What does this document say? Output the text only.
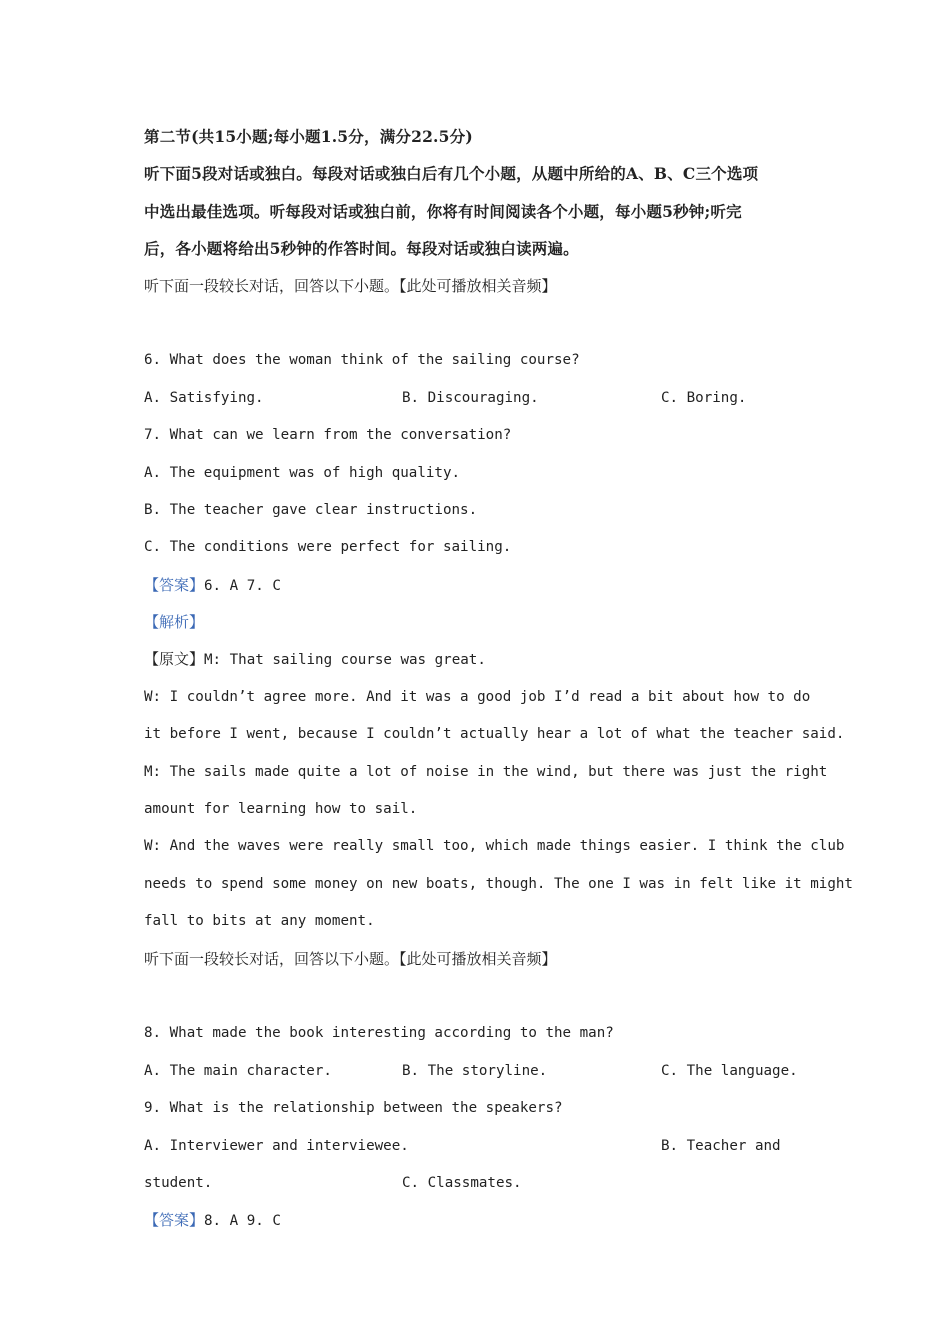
第二节(共15小题;每小题1.5分，满分22.5分)
听下面5段对话或独白。每段对话或独白后有几个小题，从题中所给的A、B、C三个选项
中选出最佳选项。听每段对话或独白前，你将有时间阅读各个小题，每小题5秒钟;听完
后，各小题将给出5秒钟的作答时间。每段对话或独白读两遍。
听下面一段较长对话，回答以下小题。【此处可播放相关音频】
6. What does the woman think of the sailing course?
A. Satisfying.	B. Discouraging.	C. Boring.
7. What can we learn from the conversation?
A. The equipment was of high quality.
B. The teacher gave clear instructions.
C. The conditions were perfect for sailing.
【答案】6. A 7. C
【解析】
【原文】M: That sailing course was great.
W: I couldn’t agree more. And it was a good job I’d read a bit about how to do
it before I went, because I couldn’t actually hear a lot of what the teacher said.
M: The sails made quite a lot of noise in the wind, but there was just the right
amount for learning how to sail.
W: And the waves were really small too, which made things easier. I think the club
needs to spend some money on new boats, though. The one I was in felt like it might
fall to bits at any moment.
听下面一段较长对话，回答以下小题。【此处可播放相关音频】
8. What made the book interesting according to the man?
A. The main character.	B. The storyline.	C. The language.
9. What is the relationship between the speakers?
A. Interviewer and interviewee.	B. Teacher and
student.	C. Classmates.
【答案】8. A 9. C
